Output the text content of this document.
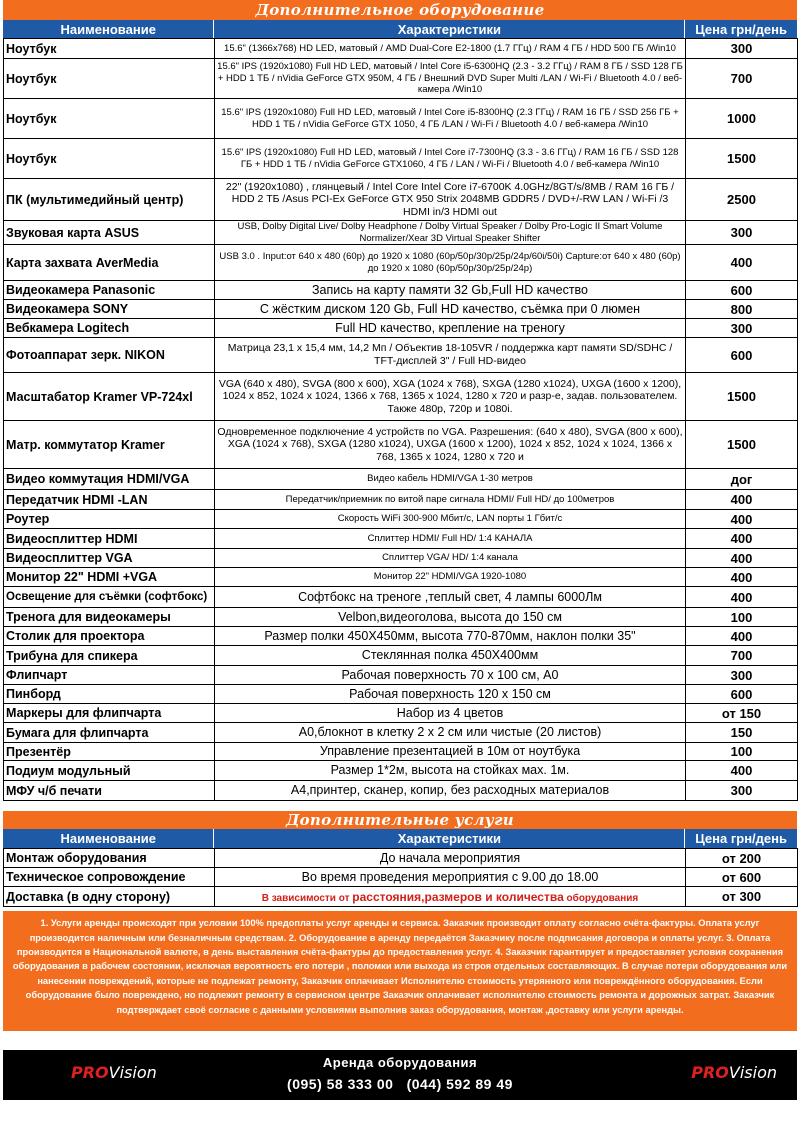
Дополнительное оборудование
Наименование	Характеристики	Цена грн/день
Ноутбук	15.6" (1366x768) HD LED, матовый / AMD Dual-Core E2-1800 (1.7 ГГц) / RAM 4 ГБ / HDD 500 ГБ /Win10	300
Ноутбук	15.6" IPS (1920x1080) Full HD LED, матовый / Intel Core i5-6300HQ (2.3 - 3.2 ГГц) / RAM 8 ГБ / SSD 128 ГБ + HDD 1 ТБ / nVidia GeForce GTX 950M, 4 ГБ / Внешний DVD Super Multi /LAN / Wi-Fi / Bluetooth 4.0 / веб-камера /Win10	700
Ноутбук	15.6" IPS (1920x1080) Full HD LED, матовый / Intel Core i5-8300HQ (2.3 ГГц) / RAM 16 ГБ / SSD 256 ГБ + HDD 1 ТБ / nVidia GeForce GTX 1050, 4 ГБ /LAN / Wi-Fi / Bluetooth 4.0 / веб-камера /Win10	1000
Ноутбук	15.6" IPS (1920x1080) Full HD LED, матовый / Intel Core i7-7300HQ (3.3 - 3.6 ГГц) / RAM 16 ГБ / SSD 128 ГБ + HDD 1 ТБ / nVidia GeForce GTX1060, 4 ГБ / LAN / Wi-Fi / Bluetooth 4.0 / веб-камера /Win10	1500
ПК (мультимедийный центр)	22" (1920x1080) , глянцевый / Intel Core Intel Core i7-6700K 4.0GHz/8GT/s/8MB / RAM 16 ГБ / HDD 2 ТБ /Asus PCI-Ex GeForce GTX 950 Strix 2048MB GDDR5 / DVD+/-RW LAN / Wi-Fi /3 HDMI in/3 HDMI out	2500
Звуковая карта ASUS	USB, Dolby Digital Live/ Dolby Headphone / Dolby Virtual Speaker / Dolby Pro-Logic II Smart Volume Normalizer/Xear 3D Virtual Speaker Shifter	300
Карта захвата AverMedia	USB 3.0 . Input:от 640 x 480 (60p) до 1920 x 1080 (60p/50p/30p/25p/24p/60i/50i) Capture:от 640 x 480 (60p) до 1920 x 1080 (60p/50p/30p/25p/24p)	400
Видеокамера Panasonic	Запись на карту памяти 32 Gb,Full HD качество	600
Видеокамера SONY	С жёстким диском 120 Gb, Full HD качество, съёмка при 0 люмен	800
Вебкамера Logitech	Full HD качество, крепление на треногу	300
Фотоаппарат зерк. NIKON	Матрица 23,1 х 15,4 мм, 14,2 Мп / Объектив 18-105VR / поддержка карт памяти SD/SDHC / TFT-дисплей 3" / Full HD-видео	600
Масштабатор Kramer VP-724xl	VGA (640 x 480), SVGA (800 x 600), XGA (1024 x 768), SXGA (1280 x1024), UXGA (1600 x 1200), 1024 x 852, 1024 x 1024, 1366 x 768, 1365 x 1024, 1280 x 720 и разр-е, задав. пользователем. Также 480p, 720p и 1080i.	1500
Матр. коммутатор Kramer	Одновременное подключение 4 устройств по VGA. Разрешения: (640 x 480), SVGA (800 x 600), XGA (1024 x 768), SXGA (1280 x1024), UXGA (1600 x 1200), 1024 x 852, 1024 x 1024, 1366 x 768, 1365 x 1024, 1280 x 720 и	1500
Видео коммутация HDMI/VGA	Видео кабель HDMI/VGA 1-30 метров	дог
Передатчик HDMI -LAN	Передатчик/приемник по витой паре сигнала HDMI/ Full HD/ до 100метров	400
Роутер	Скорость WiFi 300-900 Мбит/с, LAN порты 1 Гбит/с	400
Видеосплиттер HDMI	Сплиттер HDMI/ Full HD/ 1:4 КАНАЛА	400
Видеосплиттер VGA	Сплиттер VGA/ HD/ 1:4 канала	400
Монитор 22" HDMI +VGA	Монитор 22" HDMI/VGA 1920-1080	400
Освещение для съёмки (софтбокс)	Софтбокс на треноге ,теплый свет, 4 лампы 6000Лм	400
Тренога для видеокамеры	Velbon,видеоголова, высота до 150 см	100
Столик для проектора	Размер полки 450X450мм, высота 770-870мм, наклон полки 35"	400
Трибуна для спикера	Стеклянная полка 450X400мм	700
Флипчарт	Рабочая поверхность 70 х 100 см, А0	300
Пинборд	Рабочая поверхность 120 х 150 см	600
Маркеры для флипчарта	Набор из 4 цветов	от 150
Бумага для флипчарта	А0,блокнот в клетку 2 х 2 см или чистые (20 листов)	150
Презентёр	Управление презентацией в 10м от ноутбука	100
Подиум модульный	Размер 1*2м, высота на стойках мах. 1м.	400
МФУ ч/б печати	А4,принтер, сканер, копир, без расходных материалов	300
Дополнительные услуги
Наименование	Характеристики	Цена грн/день
Монтаж оборудования	До начала мероприятия	от 200
Техническое сопровождение	Во время проведения мероприятия с 9.00 до 18.00	от 600
Доставка (в одну сторону)	В зависимости от расстояния,размеров и количества оборудования	от 300
1. Услуги аренды происходят при условии 100% предоплаты услуг аренды и сервиса. Заказчик производит оплату согласно счёта-фактуры. Оплата услуг производится наличным или безналичным средствам. 2. Оборудование в аренду передаётся Заказчику после подписания договора и оплаты услуг. 3. Оплата производится в Национальной валюте, в день выставления счёта-фактуры до предоставления услуг. 4. Заказчик гарантирует и предоставляет условия сохранения оборудования в рабочем состоянии, исключая вероятность его потери , поломки или выхода из строя отдельных составляющих. В случае потери оборудования или нанесении повреждений, которые не подлежат ремонту, Заказчик оплачивает Исполнителю стоимость утерянного или повреждённого оборудования. Если оборудование было повреждено, но подлежит ремонту в сервисном центре Заказчик оплачивает исполнителю стоимость ремонта и дорожных затрат. Заказчик подтверждает своё согласие с данными условиями выполнив заказ оборудования, монтаж ,доставку или услуги аренды.
PROVision
Аренда оборудования
(095) 58 333 00   (044) 592 89 49
PROVision
